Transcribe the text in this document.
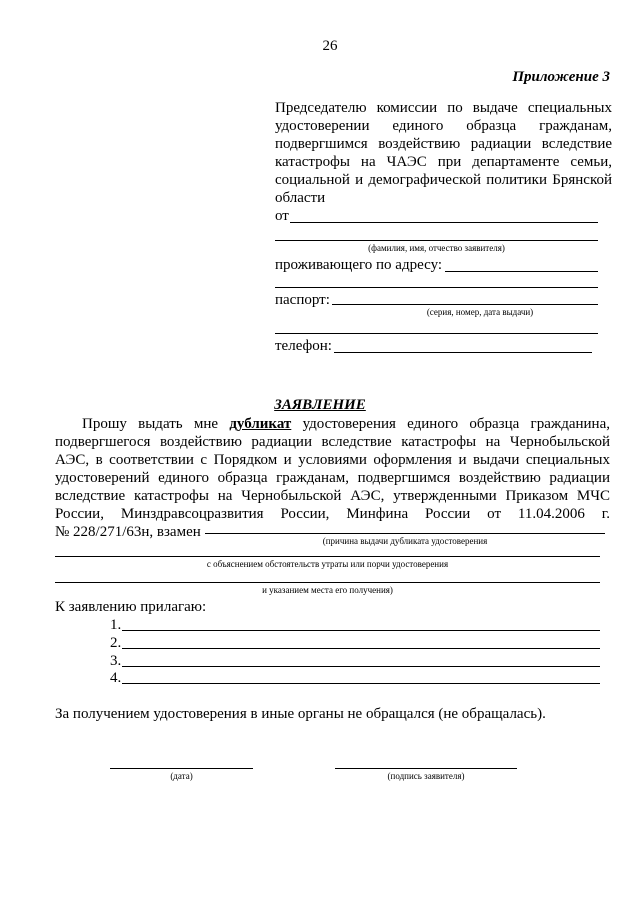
26
Приложение 3
Председателю комиссии по выдаче специальных
удостоверении единого образца гражданам,
подвергшимся воздействию радиации вследствие
катастрофы на ЧАЭС при департаменте семьи,
социальной и демографической политики Брянской
области
от
(фамилия, имя, отчество заявителя)
проживающего по адресу:
паспорт:
(серия, номер, дата выдачи)
телефон:
ЗАЯВЛЕНИЕ
Прошу выдать мне дубликат удостоверения единого образца гражданина,
подвергшегося воздействию радиации вследствие катастрофы на Чернобыльской
АЭС, в соответствии с Порядком и условиями оформления и выдачи специальных
удостоверений единого образца гражданам, подвергшимся воздействию радиации
вследствие катастрофы на Чернобыльской АЭС, утвержденными Приказом МЧС
России, Минздравсоцразвития России, Минфина России от 11.04.2006 г.
№ 228/271/63н, взамен
(причина выдачи дубликата удостоверения
с объяснением обстоятельств утраты или порчи удостоверения
и указанием места его получения)
К заявлению прилагаю:
1.
2.
3.
4.
За получением удостоверения в иные органы не обращался (не обращалась).
(дата)	(подпись заявителя)
